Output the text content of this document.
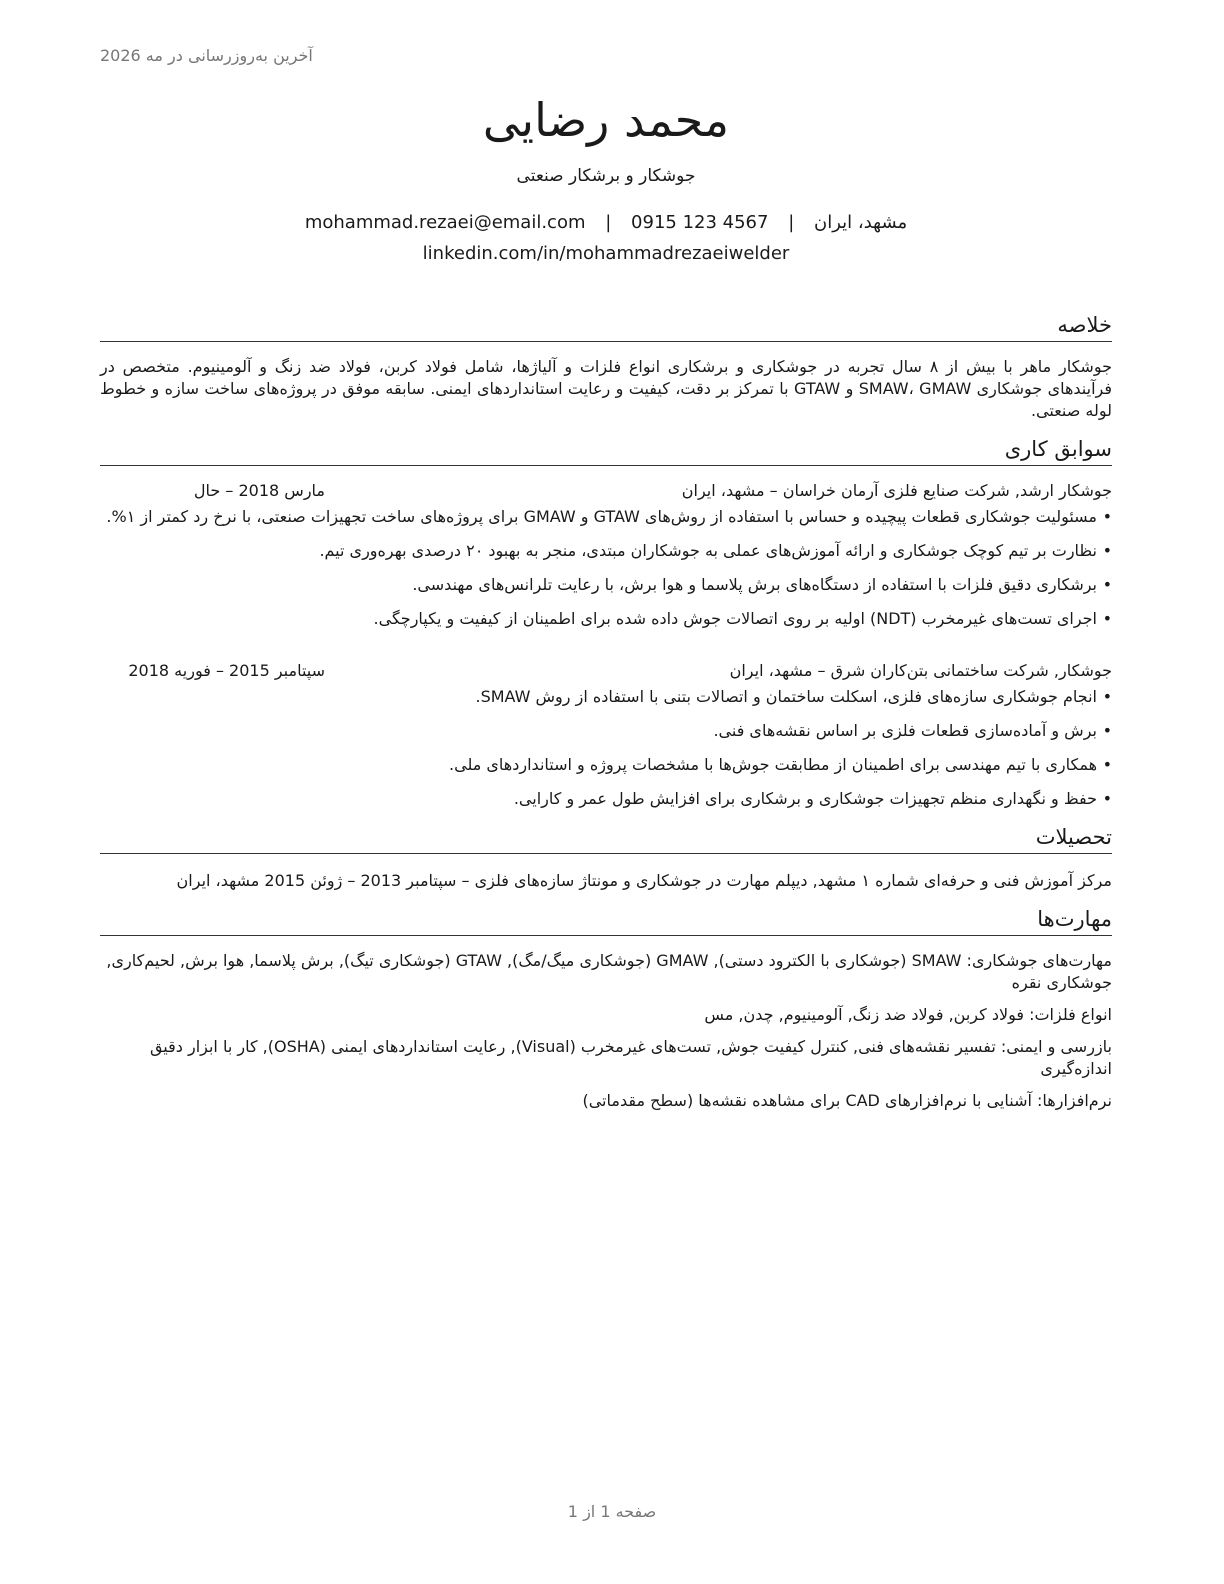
آخرین به‌روزرسانی در مه 2026
محمد رضایی
جوشکار و برشکار صنعتی
مشهد، ایران | mohammad.rezaei@email.com | 0915 123 4567
linkedin.com/in/mohammadrezaeiwelder
خلاصه

جوشکار ماهر با بیش از ۸ سال تجربه در جوشکاری و برشکاری انواع فلزات و آلیاژها، شامل فولاد کربن، فولاد ضد زنگ و آلومینیوم. متخصص در فرآیندهای جوشکاری SMAW، GMAW و GTAW با تمرکز بر دقت، کیفیت و رعایت استانداردهای ایمنی. سابقه موفق در پروژه‌های ساخت سازه و خطوط لوله صنعتی.

سوابق کاری
جوشکار ارشد, شرکت صنایع فلزی آرمان خراسان – مشهد، ایران
مارس 2018 – حال
•
مسئولیت جوشکاری قطعات پیچیده و حساس با استفاده از روش‌های GTAW و GMAW برای پروژه‌های ساخت تجهیزات صنعتی، با نرخ رد کمتر از ۱%.
•
نظارت بر تیم کوچک جوشکاری و ارائه آموزش‌های عملی به جوشکاران مبتدی، منجر به بهبود ۲۰ درصدی بهره‌وری تیم.
•
برشکاری دقیق فلزات با استفاده از دستگاه‌های برش پلاسما و هوا برش، با رعایت تلرانس‌های مهندسی.
•
اجرای تست‌های غیرمخرب (NDT) اولیه بر روی اتصالات جوش داده شده برای اطمینان از کیفیت و یکپارچگی.
جوشکار, شرکت ساختمانی بتن‌کاران شرق – مشهد، ایران
سپتامبر 2015 – فوریه 2018
•
انجام جوشکاری سازه‌های فلزی، اسکلت ساختمان و اتصالات بتنی با استفاده از روش SMAW.
•
برش و آماده‌سازی قطعات فلزی بر اساس نقشه‌های فنی.
•
همکاری با تیم مهندسی برای اطمینان از مطابقت جوش‌ها با مشخصات پروژه و استانداردهای ملی.
•
حفظ و نگهداری منظم تجهیزات جوشکاری و برشکاری برای افزایش طول عمر و کارایی.
تحصیلات

مرکز آموزش فنی و حرفه‌ای شماره ۱ مشهد, دیپلم مهارت در جوشکاری و مونتاژ سازه‌های فلزی – سپتامبر 2013 – ژوئن 2015 مشهد، ایران

مهارت‌ها
مهارت‌های جوشکاری: SMAW (جوشکاری با الکترود دستی), GMAW (جوشکاری میگ/مگ), GTAW (جوشکاری تیگ), برش پلاسما, هوا برش, لحیم‌کاری, جوشکاری نقره
انواع فلزات: فولاد کربن, فولاد ضد زنگ, آلومینیوم, چدن, مس
بازرسی و ایمنی: تفسیر نقشه‌های فنی, کنترل کیفیت جوش, تست‌های غیرمخرب (Visual), رعایت استانداردهای ایمنی (OSHA), کار با ابزار دقیق اندازه‌گیری
نرم‌افزارها: آشنایی با نرم‌افزارهای CAD برای مشاهده نقشه‌ها (سطح مقدماتی)
صفحه 1 از 1
